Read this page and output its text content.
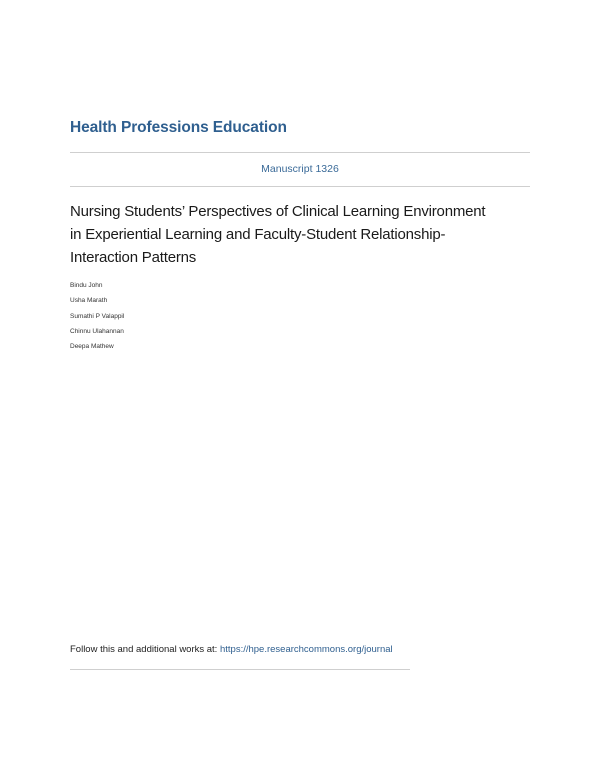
Health Professions Education
Manuscript 1326
Nursing Students’ Perspectives of Clinical Learning Environment
in Experiential Learning and Faculty-Student Relationship-
Interaction Patterns
Bindu John
Usha Marath
Sumathi P Valappil
Chinnu Ulahannan
Deepa Mathew
Follow this and additional works at: https://hpe.researchcommons.org/journal
